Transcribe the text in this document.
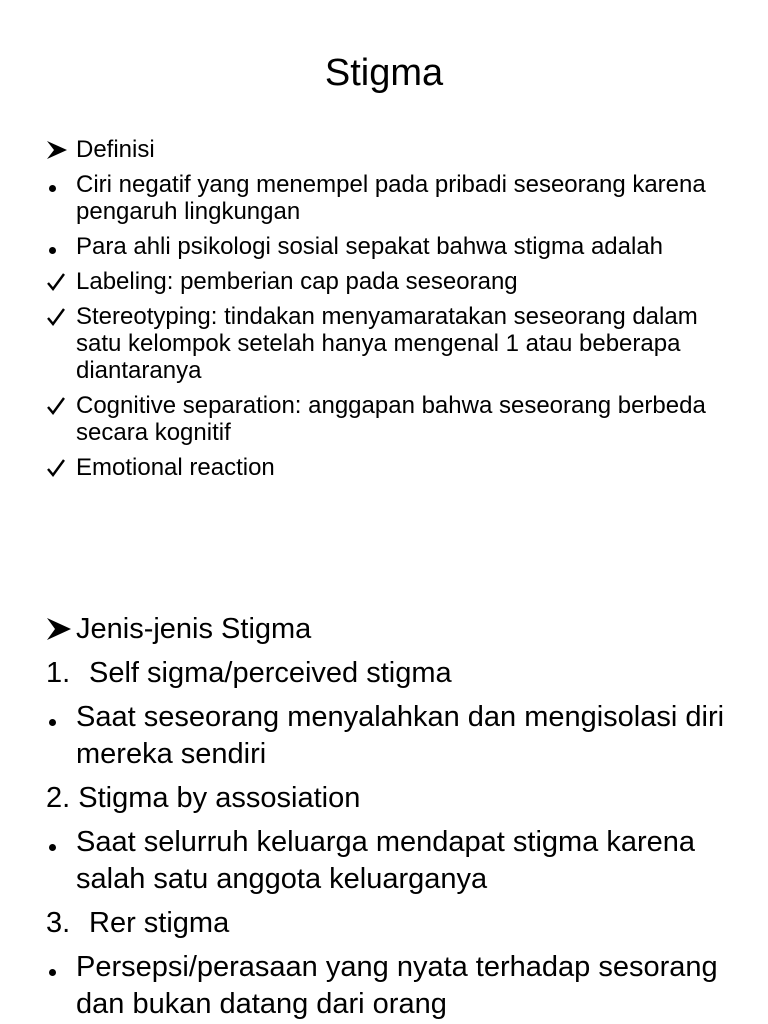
Stigma
Definisi
Ciri negatif yang menempel pada pribadi seseorang karena pengaruh lingkungan
Para ahli psikologi sosial sepakat bahwa stigma adalah
Labeling: pemberian cap pada seseorang
Stereotyping: tindakan menyamaratakan seseorang dalam satu kelompok setelah hanya mengenal 1 atau beberapa diantaranya
Cognitive separation: anggapan bahwa seseorang berbeda secara kognitif
Emotional reaction
Jenis-jenis Stigma
1. Self sigma/perceived stigma
Saat seseorang menyalahkan dan mengisolasi diri mereka sendiri
2. Stigma by assosiation
Saat selurruh keluarga mendapat stigma karena salah satu anggota keluarganya
3. Rer stigma
Persepsi/perasaan yang nyata terhadap sesorang dan bukan datang dari orang
